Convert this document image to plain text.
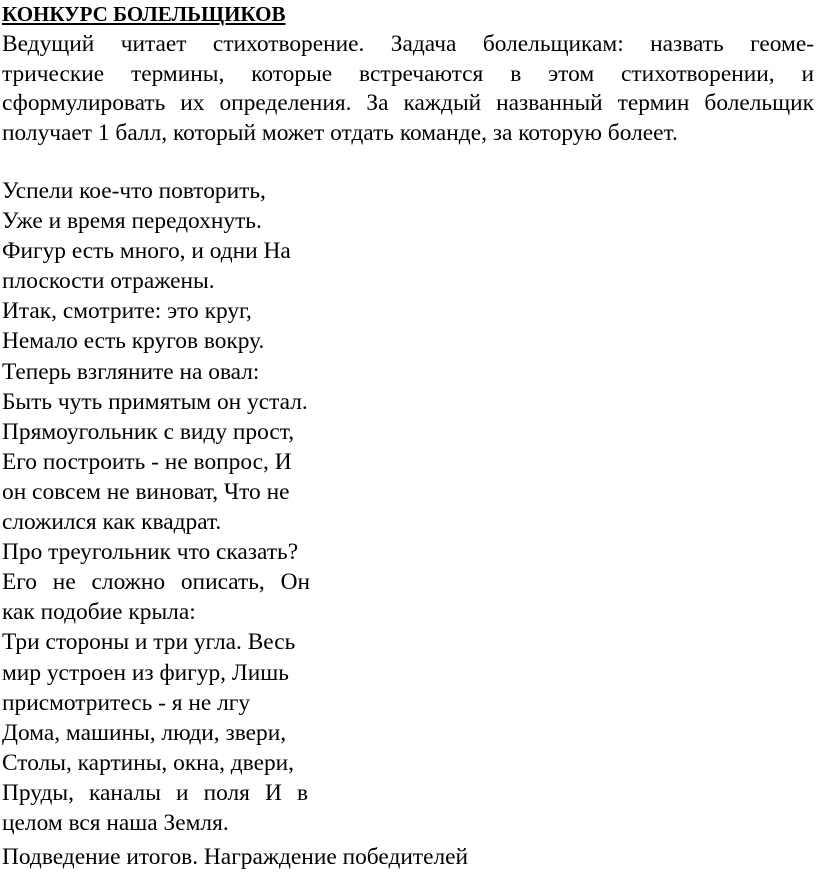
КОНКУРС БОЛЕЛЬЩИКОВ
Ведущий читает стихотворение. Задача болельщикам: назвать геоме-
трические термины, которые встречаются в этом стихотворении, и
сформулировать их определения. За каждый названный термин болельщик
получает 1 балл, который может отдать команде, за которую болеет.
Успели кое-что повторить,
Уже и время передохнуть.
Фигур есть много, и одни На
плоскости отражены.
Итак, смотрите: это круг,
Немало есть кругов вокру.
Теперь взгляните на овал:
Быть чуть примятым он устал.
Прямоугольник с виду прост,
Его построить - не вопрос, И
он совсем не виноват, Что не
сложился как квадрат.
Про треугольник что сказать?
Его не сложно описать, Он
как подобие крыла:
Три стороны и три угла. Весь
мир устроен из фигур, Лишь
присмотритесь - я не лгу
Дома, машины, люди, звери,
Столы, картины, окна, двери,
Пруды, каналы и поля И в
целом вся наша Земля.
Подведение итогов. Награждение победителей
